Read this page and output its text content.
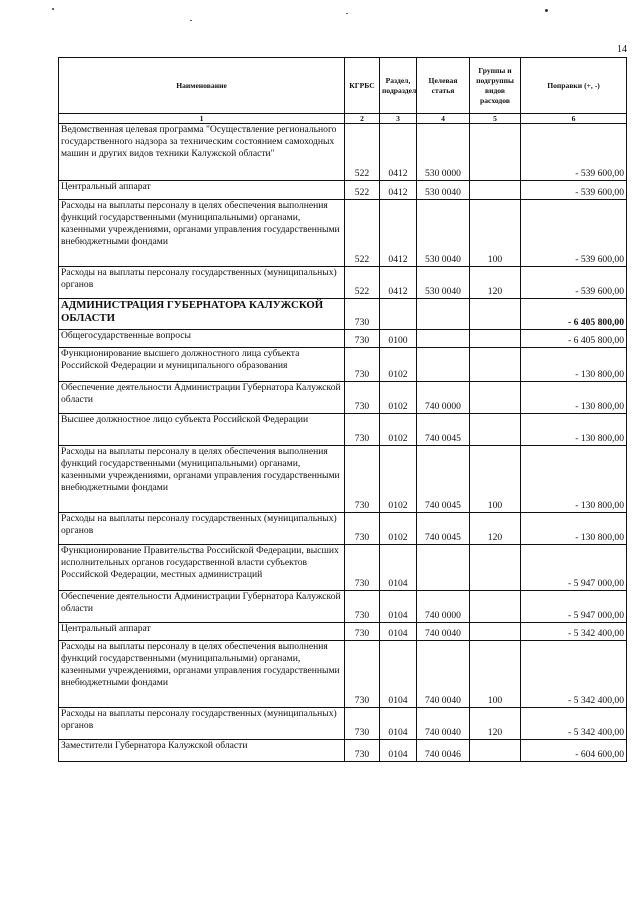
14
Наименование	КГРБС	Раздел, подраздел	Целевая статья	Группы и подгруппы видов расходов	Поправки (+, -)
1	2	3	4	5	6
Ведомственная целевая программа "Осуществление регионального государственного надзора за техническим состоянием самоходных машин и других видов техники Калужской области"	522	0412	530 0000		- 539 600,00
Центральный аппарат	522	0412	530 0040		- 539 600,00
Расходы на выплаты персоналу в целях обеспечения выполнения функций государственными (муниципальными) органами, казенными учреждениями, органами управления государственными внебюджетными фондами	522	0412	530 0040	100	- 539 600,00
Расходы на выплаты персоналу государственных (муниципальных) органов	522	0412	530 0040	120	- 539 600,00
АДМИНИСТРАЦИЯ ГУБЕРНАТОРА КАЛУЖСКОЙ ОБЛАСТИ	730				- 6 405 800,00
Общегосударственные вопросы	730	0100			- 6 405 800,00
Функционирование высшего должностного лица субъекта Российской Федерации и муниципального образования	730	0102			- 130 800,00
Обеспечение деятельности Администрации Губернатора Калужской области	730	0102	740 0000		- 130 800,00
Высшее должностное лицо субъекта Российской Федерации	730	0102	740 0045		- 130 800,00
Расходы на выплаты персоналу в целях обеспечения выполнения функций государственными (муниципальными) органами, казенными учреждениями, органами управления государственными внебюджетными фондами	730	0102	740 0045	100	- 130 800,00
Расходы на выплаты персоналу государственных (муниципальных) органов	730	0102	740 0045	120	- 130 800,00
Функционирование Правительства Российской Федерации, высших исполнительных органов государственной власти субъектов Российской Федерации, местных администраций	730	0104			- 5 947 000,00
Обеспечение деятельности Администрации Губернатора Калужской области	730	0104	740 0000		- 5 947 000,00
Центральный аппарат	730	0104	740 0040		- 5 342 400,00
Расходы на выплаты персоналу в целях обеспечения выполнения функций государственными (муниципальными) органами, казенными учреждениями, органами управления государственными внебюджетными фондами	730	0104	740 0040	100	- 5 342 400,00
Расходы на выплаты персоналу государственных (муниципальных) органов	730	0104	740 0040	120	- 5 342 400,00
Заместители Губернатора Калужской области	730	0104	740 0046		- 604 600,00
